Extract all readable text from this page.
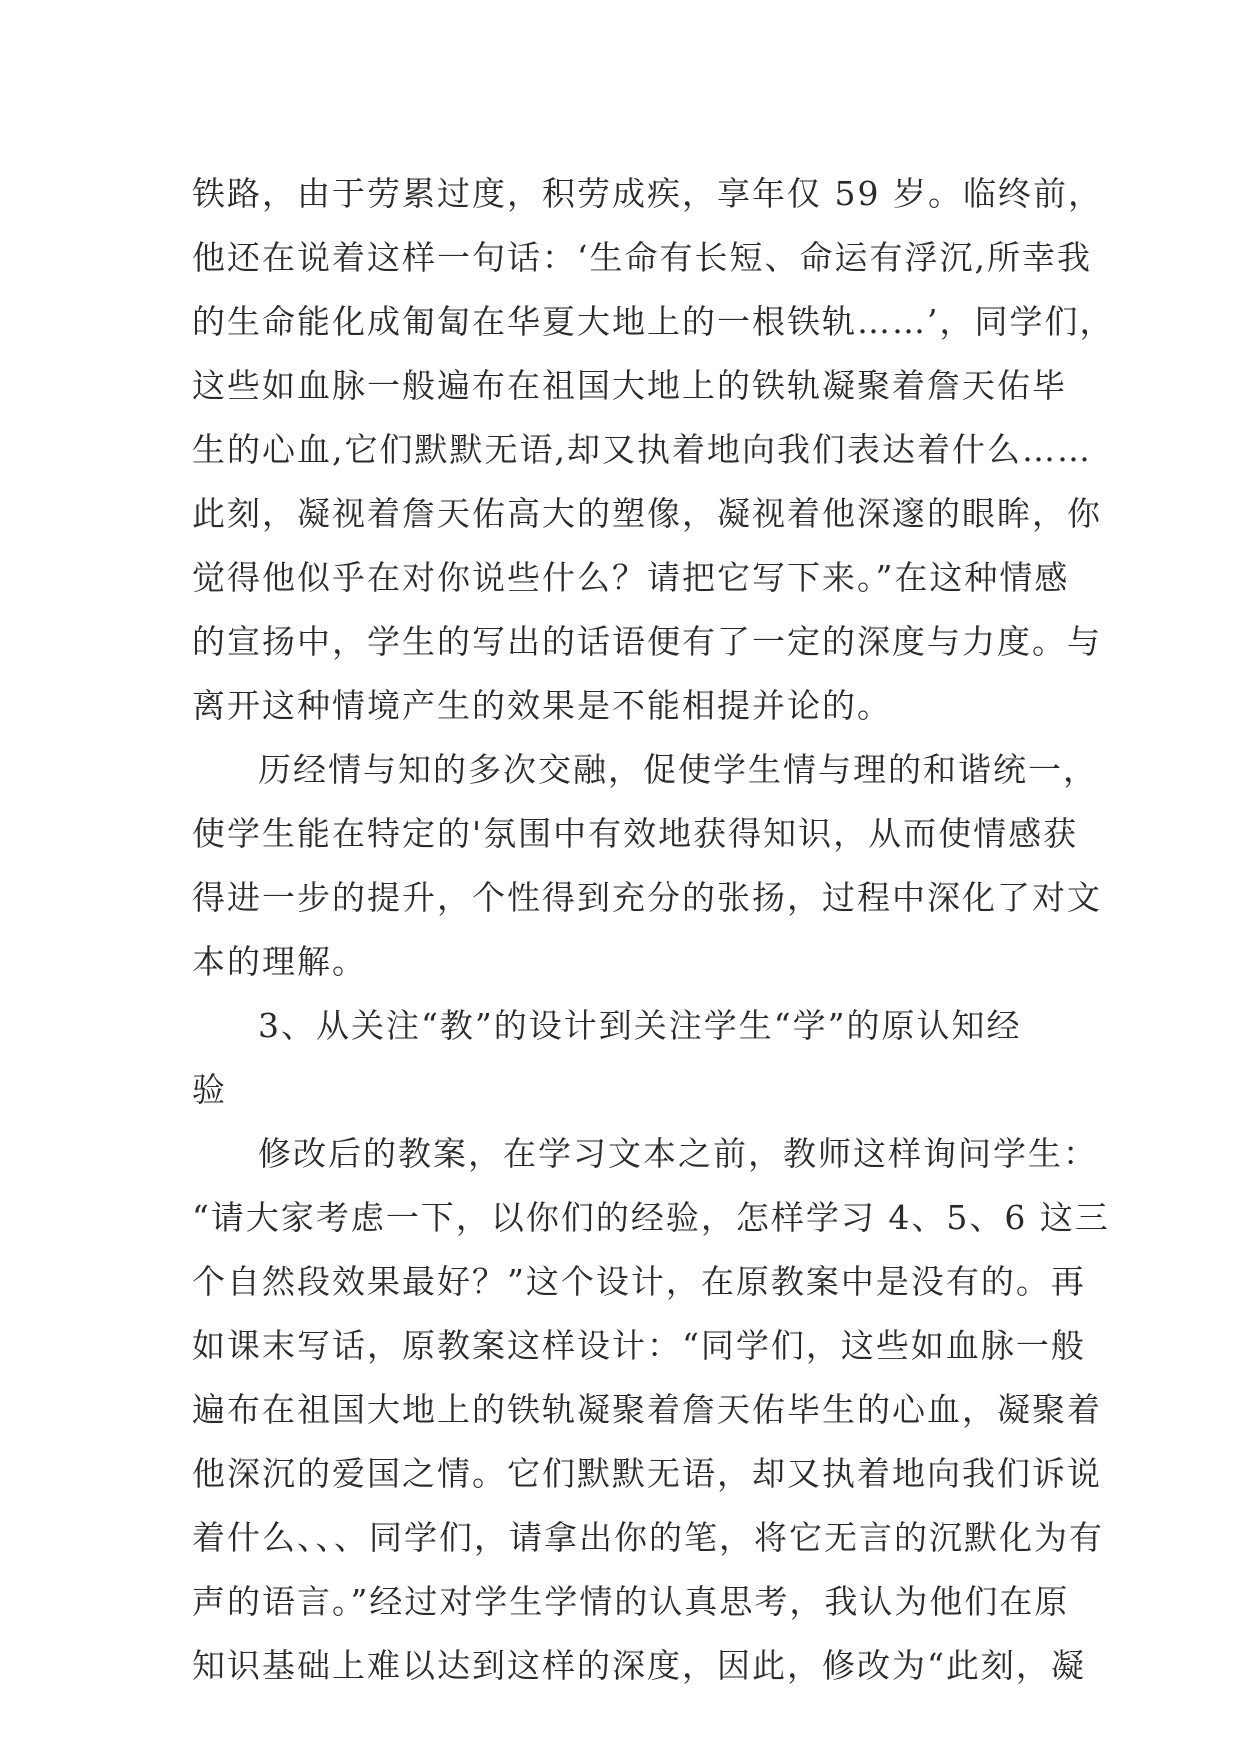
铁路，由于劳累过度，积劳成疾，享年仅 59 岁。临终前，
他还在说着这样一句话：‘生命有长短、命运有浮沉,所幸我
的生命能化成匍匐在华夏大地上的一根铁轨……’，同学们，
这些如血脉一般遍布在祖国大地上的铁轨凝聚着詹天佑毕
生的心血,它们默默无语,却又执着地向我们表达着什么……
此刻，凝视着詹天佑高大的塑像，凝视着他深邃的眼眸，你
觉得他似乎在对你说些什么？请把它写下来。”在这种情感
的宣扬中，学生的写出的话语便有了一定的深度与力度。与
离开这种情境产生的效果是不能相提并论的。
历经情与知的多次交融，促使学生情与理的和谐统一，
使学生能在特定的'氛围中有效地获得知识，从而使情感获
得进一步的提升，个性得到充分的张扬，过程中深化了对文
本的理解。
3、从关注“教”的设计到关注学生“学”的原认知经
验
修改后的教案，在学习文本之前，教师这样询问学生：
“请大家考虑一下，以你们的经验，怎样学习 4、5、6 这三
个自然段效果最好？”这个设计，在原教案中是没有的。再
如课末写话，原教案这样设计：“同学们，这些如血脉一般
遍布在祖国大地上的铁轨凝聚着詹天佑毕生的心血，凝聚着
他深沉的爱国之情。它们默默无语，却又执着地向我们诉说
着什么、、、同学们，请拿出你的笔，将它无言的沉默化为有
声的语言。”经过对学生学情的认真思考，我认为他们在原
知识基础上难以达到这样的深度，因此，修改为“此刻，凝
